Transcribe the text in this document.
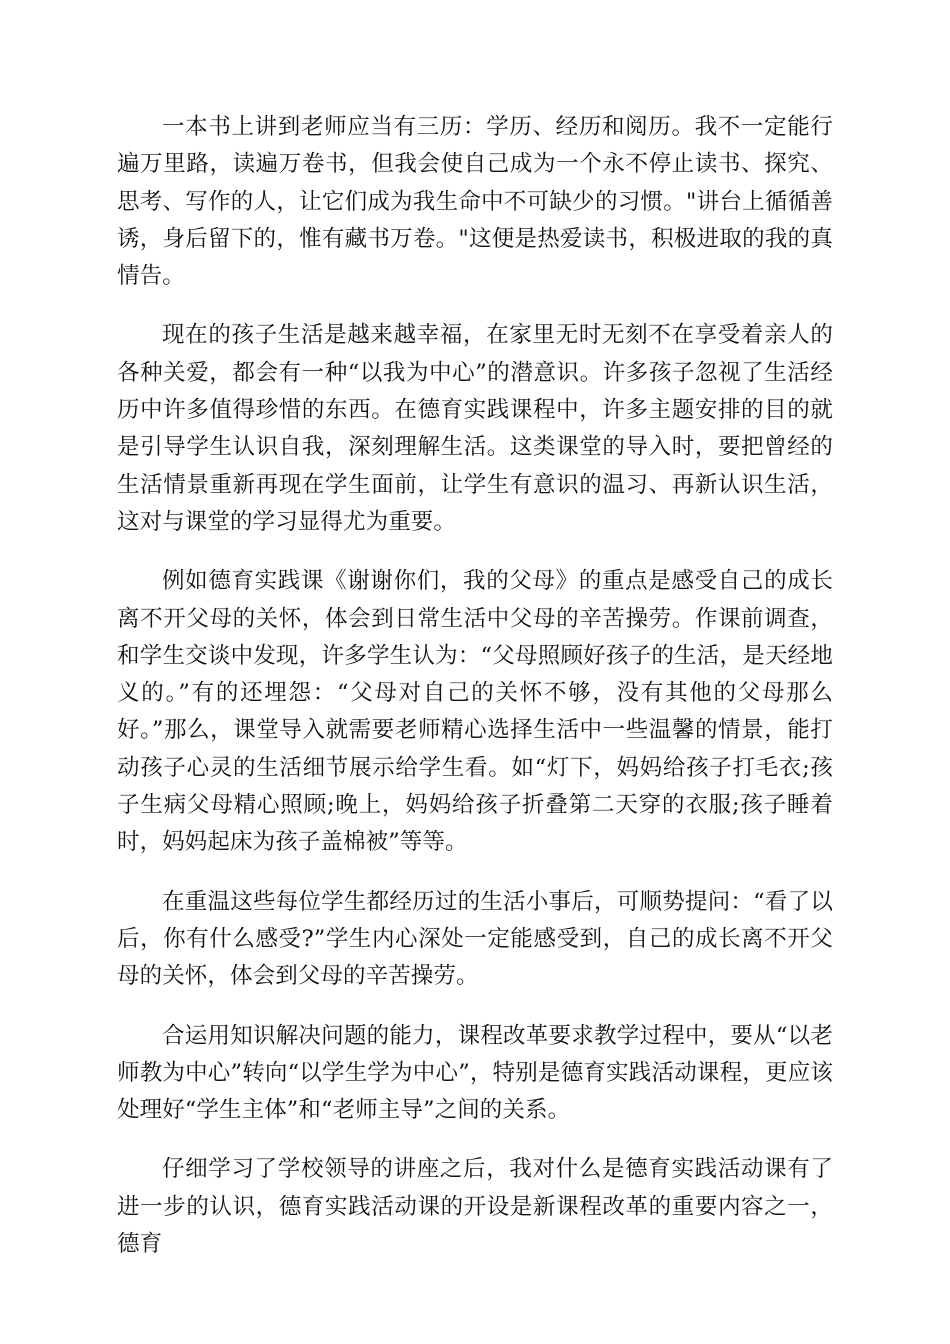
一本书上讲到老师应当有三历：学历、经历和阅历。我不一定能行遍万里路，读遍万卷书，但我会使自己成为一个永不停止读书、探究、思考、写作的人，让它们成为我生命中不可缺少的习惯。"讲台上循循善诱，身后留下的，惟有藏书万卷。"这便是热爱读书，积极进取的我的真情告。

现在的孩子生活是越来越幸福，在家里无时无刻不在享受着亲人的各种关爱，都会有一种“以我为中心”的潜意识。许多孩子忽视了生活经历中许多值得珍惜的东西。在德育实践课程中，许多主题安排的目的就是引导学生认识自我，深刻理解生活。这类课堂的导入时，要把曾经的生活情景重新再现在学生面前，让学生有意识的温习、再新认识生活，这对与课堂的学习显得尤为重要。

例如德育实践课《谢谢你们，我的父母》的重点是感受自己的成长离不开父母的关怀，体会到日常生活中父母的辛苦操劳。作课前调查，和学生交谈中发现，许多学生认为：“父母照顾好孩子的生活，是天经地义的。”有的还埋怨：“父母对自己的关怀不够，没有其他的父母那么好。”那么，课堂导入就需要老师精心选择生活中一些温馨的情景，能打动孩子心灵的生活细节展示给学生看。如“灯下，妈妈给孩子打毛衣;孩子生病父母精心照顾;晚上，妈妈给孩子折叠第二天穿的衣服;孩子睡着时，妈妈起床为孩子盖棉被”等等。

在重温这些每位学生都经历过的生活小事后，可顺势提问：“看了以后，你有什么感受?”学生内心深处一定能感受到，自己的成长离不开父母的关怀，体会到父母的辛苦操劳。

合运用知识解决问题的能力，课程改革要求教学过程中，要从“以老师教为中心”转向“以学生学为中心”，特别是德育实践活动课程，更应该处理好“学生主体”和“老师主导”之间的关系。

仔细学习了学校领导的讲座之后，我对什么是德育实践活动课有了进一步的认识，德育实践活动课的开设是新课程改革的重要内容之一，德育
